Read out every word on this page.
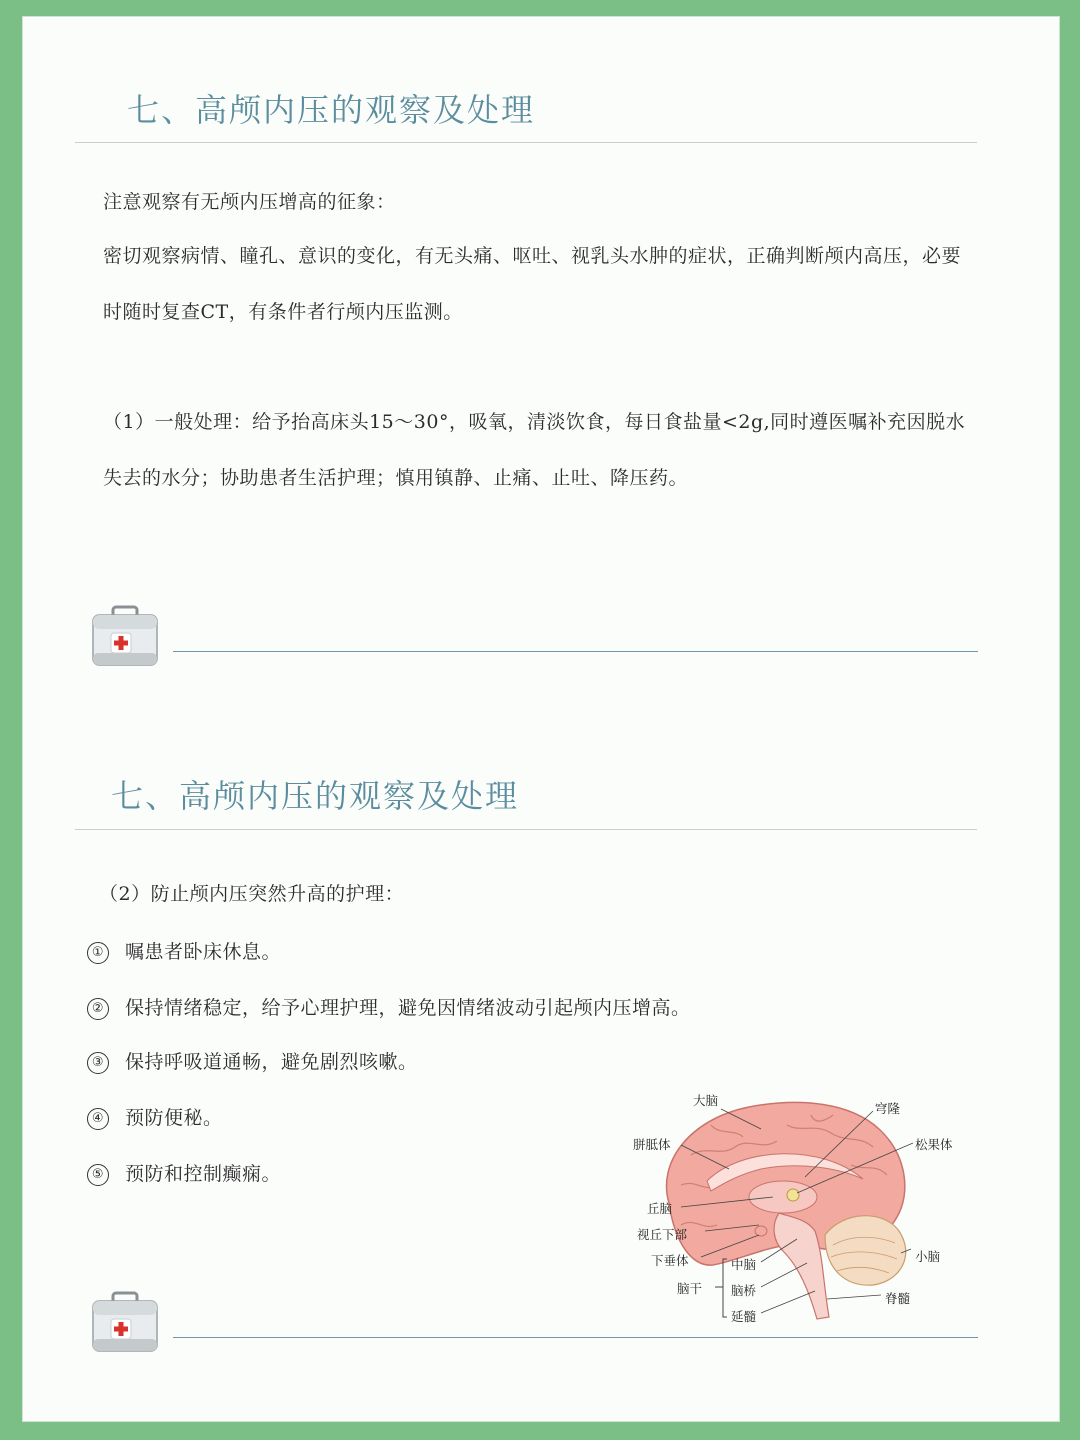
七、高颅内压的观察及处理
注意观察有无颅内压增高的征象：
密切观察病情、瞳孔、意识的变化，有无头痛、呕吐、视乳头水肿的症状，正确判断颅内高压，必要
时随时复查CT，有条件者行颅内压监测。
（1）一般处理：给予抬高床头15～30°，吸氧，清淡饮食，每日食盐量<2g,同时遵医嘱补充因脱水
失去的水分；协助患者生活护理；慎用镇静、止痛、止吐、降压药。
七、高颅内压的观察及处理
（2）防止颅内压突然升高的护理：
① 嘱患者卧床休息。
② 保持情绪稳定，给予心理护理，避免因情绪波动引起颅内压增高。
③ 保持呼吸道通畅，避免剧烈咳嗽。
④ 预防便秘。
⑤ 预防和控制癫痫。
大脑
穹隆
胼胝体	松果体
丘脑
视丘下部
下垂体	小脑
脑干
中脑
脑桥
延髓
脊髓
